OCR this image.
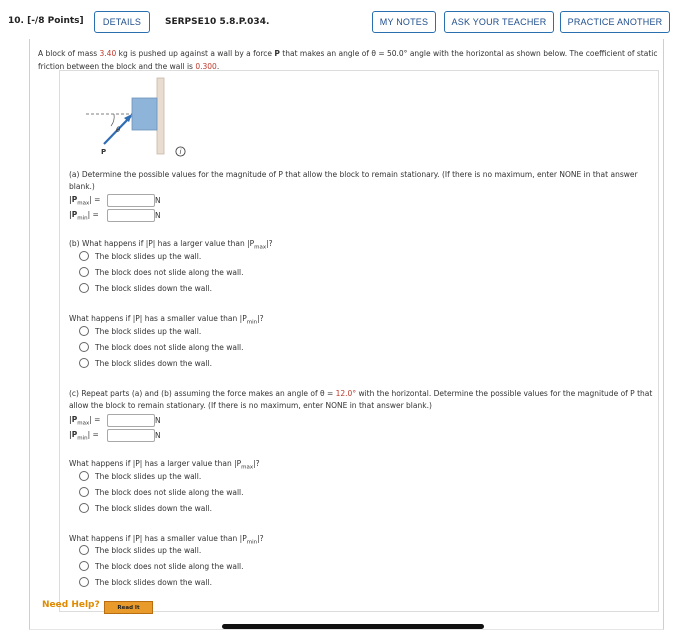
10. [-/8 Points]	DETAILS	SERPSE10 5.8.P.034.	MY NOTES	ASK YOUR TEACHER	PRACTICE ANOTHER
A block of mass 3.40 kg is pushed up against a wall by a force P that makes an angle of θ = 50.0° angle with the horizontal as shown below. The coefficient of static friction between the block and the wall is 0.300.
θ
P	i
(a) Determine the possible values for the magnitude of P that allow the block to remain stationary. (If there is no maximum, enter NONE in that answer blank.)
$|P_{max}|$ =	N
$|P_{min}|$ =	N
(b) What happens if |P| has a larger value than $|P_{max}|$?
The block slides up the wall.
The block does not slide along the wall.
The block slides down the wall.
What happens if |P| has a smaller value than $|P_{min}|$?
The block slides up the wall.
The block does not slide along the wall.
The block slides down the wall.
(c) Repeat parts (a) and (b) assuming the force makes an angle of θ = 12.0° with the horizontal. Determine the possible values for the magnitude of P that allow the block to remain stationary. (If there is no maximum, enter NONE in that answer blank.)
$|P_{max}|$ =	N
$|P_{min}|$ =	N
What happens if |P| has a larger value than $|P_{max}|$?
The block slides up the wall.
The block does not slide along the wall.
The block slides down the wall.
What happens if |P| has a smaller value than $|P_{min}|$?
The block slides up the wall.
The block does not slide along the wall.
The block slides down the wall.
Need Help?	Read It
